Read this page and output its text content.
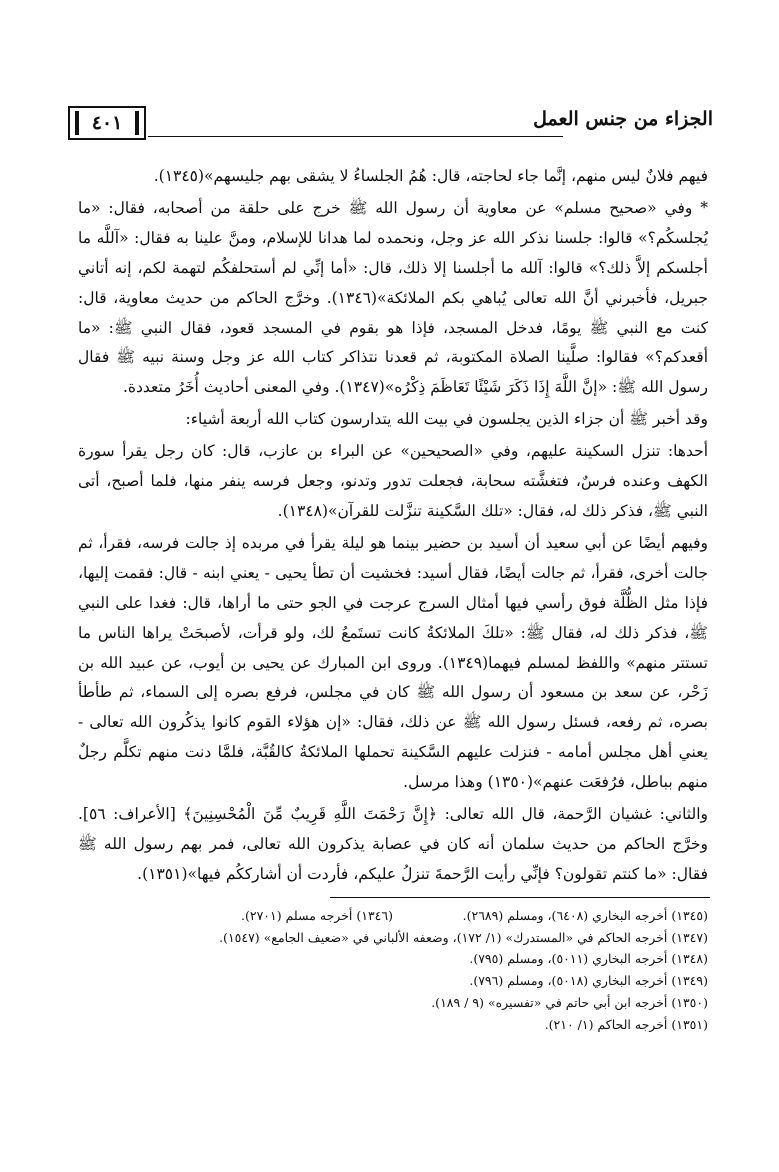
الجزاء من جنس العمل
٤٠١

فيهم فلانٌ ليس منهم، إنَّما جاء لحاجته، قال: هُمُ الجلساءُ لا يشقى بهم جليسهم»(١٣٤٥).

* وفي «صحيح مسلم» عن معاوية أن رسول الله ﷺ خرج على حلقة من أصحابه، فقال: «ما يُجلسكُم؟» قالوا: جلسنا نذكر الله عز وجل، ونحمده لما هدانا للإسلام، ومنَّ علينا به فقال: «آللَّه ما أجلسكم إلاَّ ذلك؟» قالوا: آلله ما أجلسنا إلا ذلك، قال: «أما إنِّي لم أستحلفكُم لتهمة لكم، إنه أتاني جبريل، فأخبرني أنَّ الله تعالى يُباهي بكم الملائكة»(١٣٤٦). وخرَّج الحاكم من حديث معاوية، قال: كنت مع النبي ﷺ يومًا، فدخل المسجد، فإذا هو بقوم في المسجد قعود، فقال النبي ﷺ: «ما أقعدكم؟» فقالوا: صلَّينا الصلاة المكتوبة، ثم قعدنا نتذاكر كتاب الله عز وجل وسنة نبيه ﷺ فقال رسول الله ﷺ: «إنَّ اللَّهَ إِذَا ذَكَرَ شَيْئًا تَعَاظَمَ ذِكْرُه»(١٣٤٧). وفي المعنى أحاديث أُخَرُ متعددة.

وقد أخبر ﷺ أن جزاء الذين يجلسون في بيت الله يتدارسون كتاب الله أربعة أشياء:

أحدها: تنزل السكينة عليهم، وفي «الصحيحين» عن البراء بن عازب، قال: كان رجل يقرأ سورة الكهف وعنده فرسٌ، فتغشَّته سحابة، فجعلت تدور وتدنو، وجعل فرسه ينفر منها، فلما أصبح، أتى النبي ﷺ، فذكر ذلك له، فقال: «تلك السَّكينة تنزَّلت للقرآن»(١٣٤٨).

وفيهم أيضًا عن أبي سعيد أن أسيد بن حضير بينما هو ليلة يقرأ في مربده إذ جالت فرسه، فقرأ، ثم جالت أخرى، فقرأ، ثم جالت أيضًا، فقال أسيد: فخشيت أن تطأ يحيى - يعني ابنه - قال: فقمت إليها، فإذا مثل الظُّلَّة فوق رأسي فيها أمثال السرج عرجت في الجو حتى ما أراها، قال: فغدا على النبي ﷺ، فذكر ذلك له، فقال ﷺ: «تلكَ الملائكةُ كانت تستَمعُ لك، ولو قرأت، لأصبحَتْ يراها الناس ما تستتر منهم» واللفظ لمسلم فيهما(١٣٤٩). وروى ابن المبارك عن يحيى بن أيوب، عن عبيد الله بن زَحْر، عن سعد بن مسعود أن رسول الله ﷺ كان في مجلس، فرفع بصره إلى السماء، ثم طأطأ بصره، ثم رفعه، فسئل رسول الله ﷺ عن ذلك، فقال: «إن هؤلاء القوم كانوا يذكُرون الله تعالى - يعني أهل مجلس أمامه - فنزلت عليهم السَّكينة تحملها الملائكةُ كالقُبَّة، فلمَّا دنت منهم تكلَّم رجلٌ منهم بباطل، فرُفعَت عنهم»(١٣٥٠) وهذا مرسل.

والثاني: غشيان الرَّحمة، قال الله تعالى: ﴿إِنَّ رَحْمَتَ اللَّهِ قَرِيبٌ مِّنَ الْمُحْسِنِينَ﴾ [الأعراف: ٥٦]. وخرَّج الحاكم من حديث سلمان أنه كان في عصابة يذكرون الله تعالى، فمر بهم رسول الله ﷺ فقال: «ما كنتم تقولون؟ فإنِّي رأيت الرَّحمةَ تنزلُ عليكم، فأردت أن أشارككُم فيها»(١٣٥١).

(١٣٤٥) أخرجه البخاري (٦٤٠٨)، ومسلم (٢٦٨٩).
(١٣٤٦) أخرجه مسلم (٢٧٠١).
(١٣٤٧) أخرجه الحاكم في «المستدرك» (١/ ١٧٢)، وضعفه الألباني في «ضعيف الجامع» (١٥٤٧).
(١٣٤٨) أخرجه البخاري (٥٠١١)، ومسلم (٧٩٥).
(١٣٤٩) أخرجه البخاري (٥٠١٨)، ومسلم (٧٩٦).
(١٣٥٠) أخرجه ابن أبي حاتم في «تفسيره» (٩ / ١٨٩).
(١٣٥١) أخرجه الحاكم (١/ ٢١٠).
